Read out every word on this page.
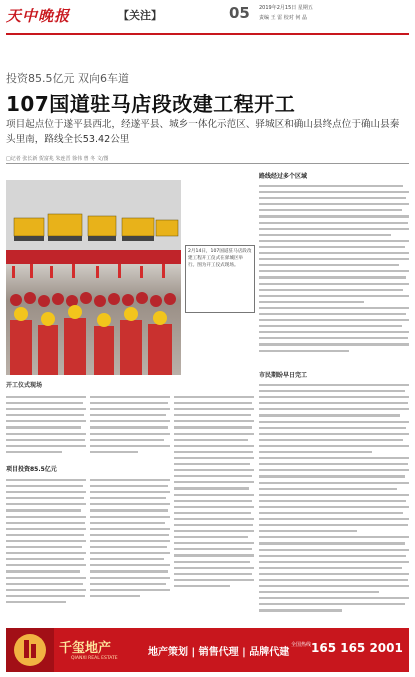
天中晚报	【关注】	05 2019年2月15日 星期五
责编 王 雷 校对 何 晶
投资85.5亿元 双向6车道
107国道驻马店段改建工程开工
项目起点位于遂平县西北，经遂平县、城乡一体化示范区、驿城区和确山县终点位于确山县秦头里南，路线全长53.42公里
□记者 张长新 贺富兆 朱连晋 徐伟 曾 冬 文/图
2月14日，107国道驻马店段改建工程开工仪式在驿城区举行。图为开工仪式现场。
开工仪式现场
路线经过多个区域
市民期盼早日完工
项目投资85.5亿元
千玺地产
QIANXI REAL ESTATE
地产策划 | 销售代理 | 品牌代建
全国热线 165 165 2001
